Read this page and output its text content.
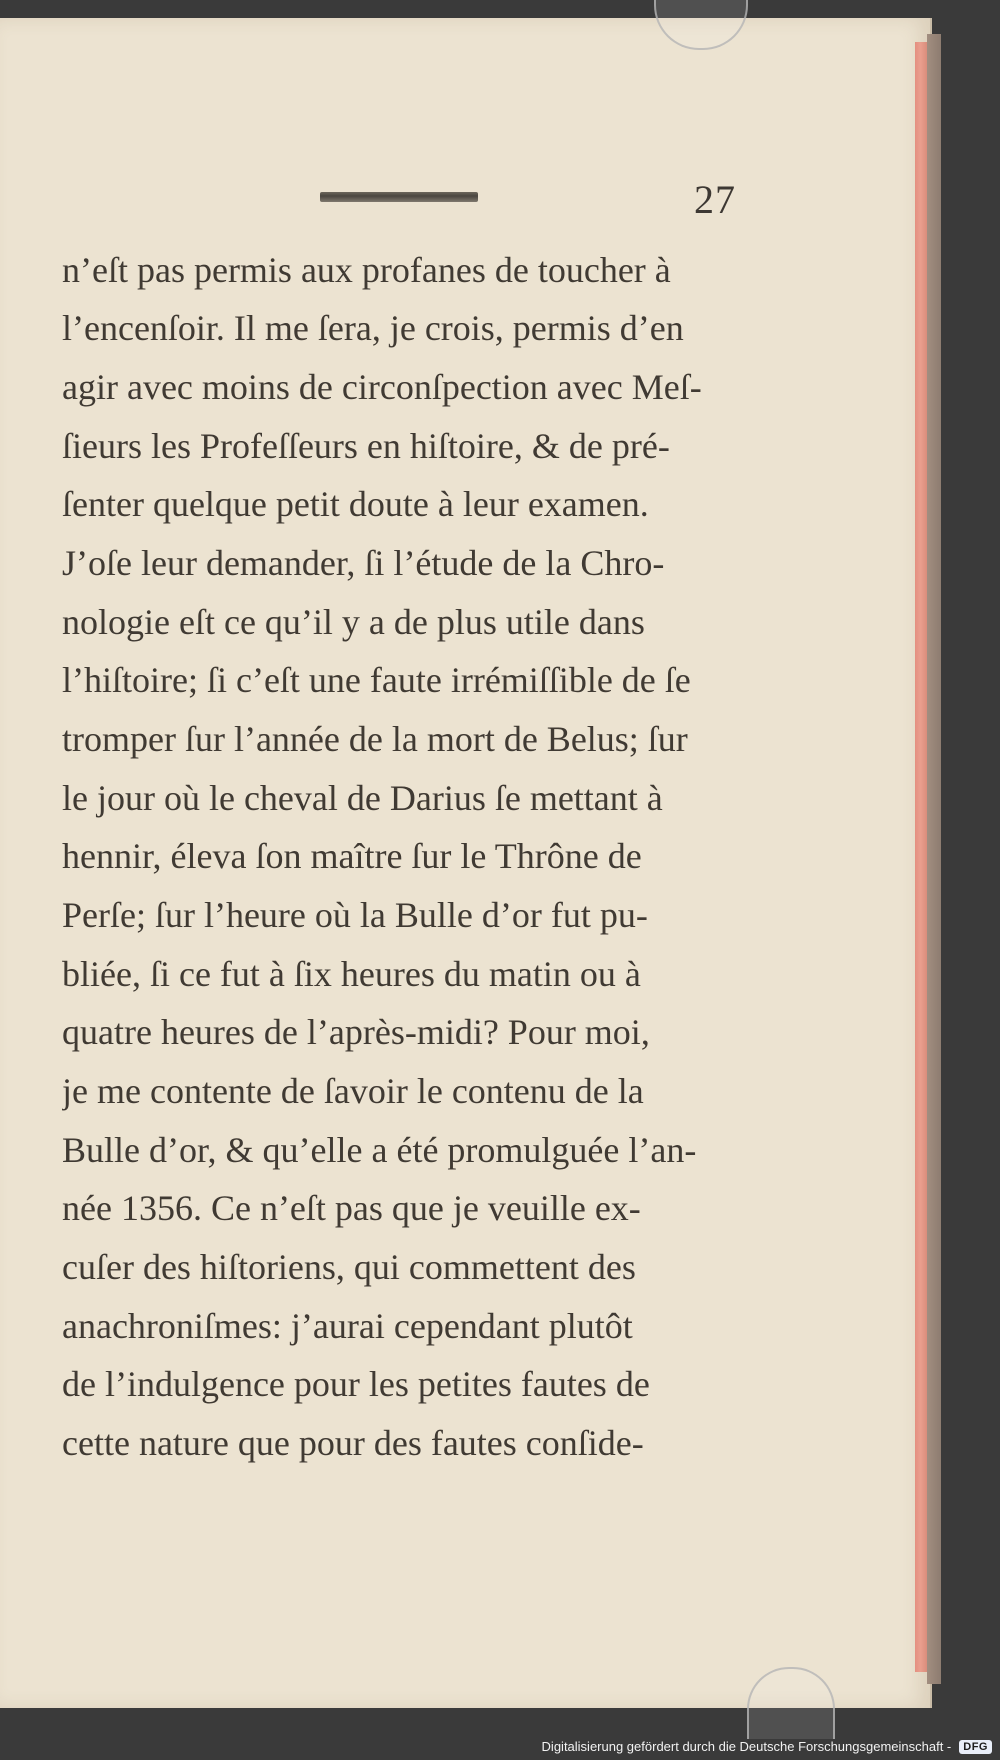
27
n’eſt pas permis aux profanes de toucher à
l’encenſoir. Il me ſera, je crois, permis d’en
agir avec moins de circonſpection avec Meſ-
ſieurs les Profeſſeurs en hiſtoire, & de pré-
ſenter quelque petit doute à leur examen.
J’oſe leur demander, ſi l’étude de la Chro-
nologie eſt ce qu’il y a de plus utile dans
l’hiſtoire; ſi c’eſt une faute irrémiſſible de ſe
tromper ſur l’année de la mort de Belus; ſur
le jour où le cheval de Darius ſe mettant à
hennir, éleva ſon maître ſur le Thrône de
Perſe; ſur l’heure où la Bulle d’or fut pu-
bliée, ſi ce fut à ſix heures du matin ou à
quatre heures de l’après-midi? Pour moi,
je me contente de ſavoir le contenu de la
Bulle d’or, & qu’elle a été promulguée l’an-
née 1356. Ce n’eſt pas que je veuille ex-
cuſer des hiſtoriens, qui commettent des
anachroniſmes: j’aurai cependant plutôt
de l’indulgence pour les petites fautes de
cette nature que pour des fautes conſide-
Digitalisierung gefördert durch die Deutsche Forschungsgemeinschaft -	DFG
